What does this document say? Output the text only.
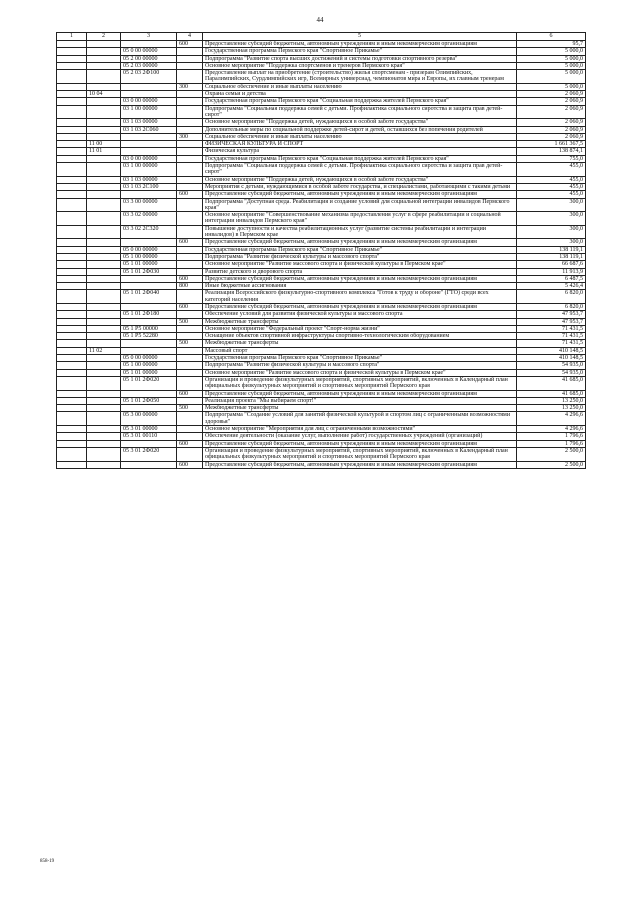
44
1	2	3	4	5	6
			600	Предоставление субсидий бюджетным, автономным учреждениям и иным некоммерческим организациям	95,7
		05 0 00 00000		Государственная программа Пермского края "Спортивное Прикамье"	5 000,0
		05 2 00 00000		Подпрограмма "Развитие спорта высших достижений и системы подготовки спортивного резерва"	5 000,0
		05 2 03 00000		Основное мероприятие "Поддержка спортсменов и тренеров Пермского края"	5 000,0
		05 2 03 2Ф100		Предоставление выплат на приобретение (строительство) жилья спортсменам - призерам Олимпийских, Паралимпийских, Сурдлимпийских игр, Всемирных универсиад, чемпионатов мира и Европы, их главным тренерам	5 000,0
			300	Социальное обеспечение и иные выплаты населению	5 000,0
	10 04			Охрана семьи и детства	2 060,9
		03 0 00 00000		Государственная программа Пермского края "Социальная поддержка жителей Пермского края"	2 060,9
		03 1 00 00000		Подпрограмма "Социальная поддержка семей с детьми. Профилактика социального сиротства и защита прав детей-сирот"	2 060,9
		03 1 03 00000		Основное мероприятие "Поддержка детей, нуждающихся в особой заботе государства"	2 060,9
		03 1 03 2С060		Дополнительные меры по социальной поддержке детей-сирот и детей, оставшихся без попечения родителей	2 060,9
			300	Социальное обеспечение и иные выплаты населению	2 060,9
	11 00			ФИЗИЧЕСКАЯ КУЛЬТУРА И СПОРТ	1 661 367,5
	11 01			Физическая культура	138 874,1
		03 0 00 00000		Государственная программа Пермского края "Социальная поддержка жителей Пермского края"	755,0
		03 1 00 00000		Подпрограмма "Социальная поддержка семей с детьми. Профилактика социального сиротства и защита прав детей-сирот"	455,0
		03 1 03 00000		Основное мероприятие "Поддержка детей, нуждающихся в особой заботе государства"	455,0
		03 1 03 2С100		Мероприятия с детьми, нуждающимися в особой заботе государства, и специалистами, работающими с такими детьми	455,0
			600	Предоставление субсидий бюджетным, автономным учреждениям и иным некоммерческим организациям	455,0
		03 3 00 00000		Подпрограмма "Доступная среда. Реабилитация и создание условий для социальной интеграции инвалидов Пермского края"	300,0
		03 3 02 00000		Основное мероприятие "Совершенствование механизма предоставления услуг в сфере реабилитации и социальной интеграции инвалидов Пермского края"	300,0
		03 3 02 2С320		Повышение доступности и качества реабилитационных услуг (развитие системы реабилитации и интеграции инвалидов) в Пермском крае	300,0
			600	Предоставление субсидий бюджетным, автономным учреждениям и иным некоммерческим организациям	300,0
		05 0 00 00000		Государственная программа Пермского края "Спортивное Прикамье"	138 119,1
		05 1 00 00000		Подпрограмма "Развитие физической культуры и массового спорта"	138 119,1
		05 1 01 00000		Основное мероприятие "Развитие массового спорта и физической культуры в Пермском крае"	66 687,6
		05 1 01 2Ф030		Развитие детского и дворового спорта	11 913,9
			600	Предоставление субсидий бюджетным, автономным учреждениям и иным некоммерческим организациям	6 487,5
			800	Иные бюджетные ассигнования	5 426,4
		05 1 01 2Ф040		Реализация Всероссийского физкультурно-спортивного комплекса "Готов к труду и обороне" (ГТО) среди всех категорий населения	6 820,0
			600	Предоставление субсидий бюджетным, автономным учреждениям и иным некоммерческим организациям	6 820,0
		05 1 01 2Ф180		Обеспечение условий для развития физической культуры и массового спорта	47 953,7
			500	Межбюджетные трансферты	47 953,7
		05 1 Р5 00000		Основное мероприятие "Федеральный проект "Спорт-норма жизни"	71 431,5
		05 1 Р5 52280		Оснащение объектов спортивной инфраструктуры спортивно-технологическим оборудованием	71 431,5
			500	Межбюджетные трансферты	71 431,5
	11 02			Массовый спорт	410 148,5
		05 0 00 00000		Государственная программа Пермского края "Спортивное Прикамье"	410 148,5
		05 1 00 00000		Подпрограмма "Развитие физической культуры и массового спорта"	54 935,0
		05 1 01 00000		Основное мероприятие "Развитие массового спорта и физической культуры в Пермском крае"	54 935,0
		05 1 01 2Ф020		Организация и проведение физкультурных мероприятий, спортивных мероприятий, включенных в Календарный план официальных физкультурных мероприятий и спортивных мероприятий Пермского края	41 685,0
			600	Предоставление субсидий бюджетным, автономным учреждениям и иным некоммерческим организациям	41 685,0
		05 1 01 2Ф050		Реализация проекта "Мы выбираем спорт!"	13 250,0
			500	Межбюджетные трансферты	13 250,0
		05 3 00 00000		Подпрограмма "Создание условий для занятий физической культурой и спортом лиц с ограниченными возможностями здоровья"	4 296,6
		05 3 01 00000		Основное мероприятие "Мероприятия для лиц с ограниченными возможностями"	4 296,6
		05 3 01 00110		Обеспечение деятельности (оказание услуг, выполнение работ) государственных учреждений (организаций)	1 796,6
			600	Предоставление субсидий бюджетным, автономным учреждениям и иным некоммерческим организациям	1 796,6
		05 3 01 2Ф020		Организация и проведение физкультурных мероприятий, спортивных мероприятий, включенных в Календарный план официальных физкультурных мероприятий и спортивных мероприятий Пермского края	2 500,0
			600	Предоставление субсидий бюджетным, автономным учреждениям и иным некоммерческим организациям	2 500,0
858-19
